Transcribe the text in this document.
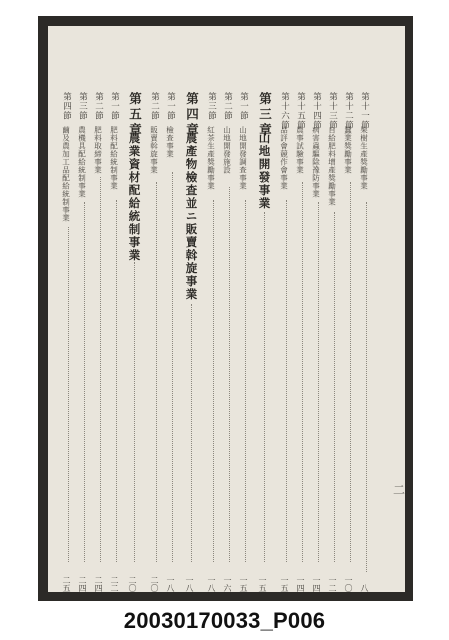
第十一節
果樹生產獎勵事業
八
第十二節
蠶業獎勵事業
一〇
第十三節
自給肥料增產獎勵事業
一二
第十四節
病害蟲驅除豫防事業
一四
第十五節
農事試驗事業
一四
第十六節
品評會競作會事業
一五
第三章
山地開發事業
一五
第一節
山地開發調查事業
一五
第二節
山地開發施設
一六
第三節
紅茶生產獎勵事業
一八
第四章
農產物檢查並ニ販賣斡旋事業
一八
第一節
檢查事業
一八
第二節
販賣斡旋事業
二〇
第五章
農業資材配給統制事業
二〇
第一節
肥料配給統制事業
二二
第二節
肥料取締事業
二四
第三節
農機具配給統制事業
二四
第四節
繭及農加工品配給統制事業
二五
二
20030170033_P006
